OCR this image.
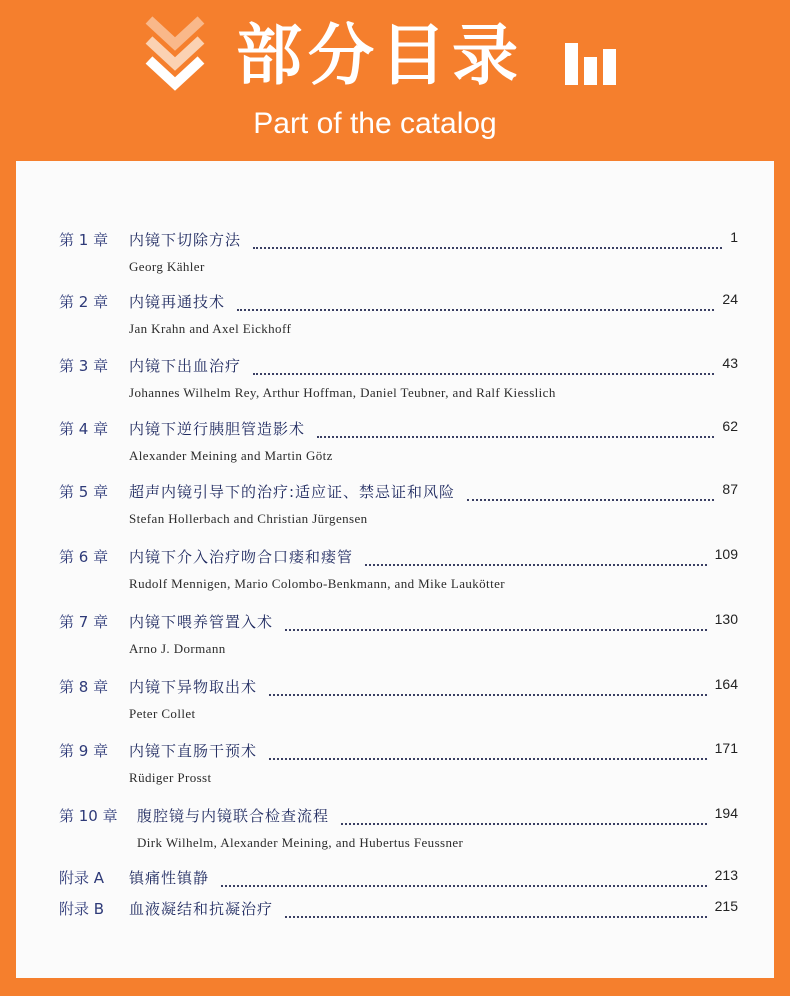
部分目录
Part of the catalog
第 1 章 内镜下切除方法	1
Georg Kähler
第 2 章 内镜再通技术	24
Jan Krahn and Axel Eickhoff
第 3 章 内镜下出血治疗	43
Johannes Wilhelm Rey, Arthur Hoffman, Daniel Teubner, and Ralf Kiesslich
第 4 章 内镜下逆行胰胆管造影术	62
Alexander Meining and Martin Götz
第 5 章 超声内镜引导下的治疗:适应证、禁忌证和风险	87
Stefan Hollerbach and Christian Jürgensen
第 6 章 内镜下介入治疗吻合口瘘和瘘管	109
Rudolf Mennigen, Mario Colombo-Benkmann, and Mike Laukötter
第 7 章 内镜下喂养管置入术	130
Arno J. Dormann
第 8 章 内镜下异物取出术	164
Peter Collet
第 9 章 内镜下直肠干预术	171
Rüdiger Prosst
第 10 章 腹腔镜与内镜联合检查流程	194
Dirk Wilhelm, Alexander Meining, and Hubertus Feussner
附录 A 镇痛性镇静	213
附录 B 血液凝结和抗凝治疗	215
